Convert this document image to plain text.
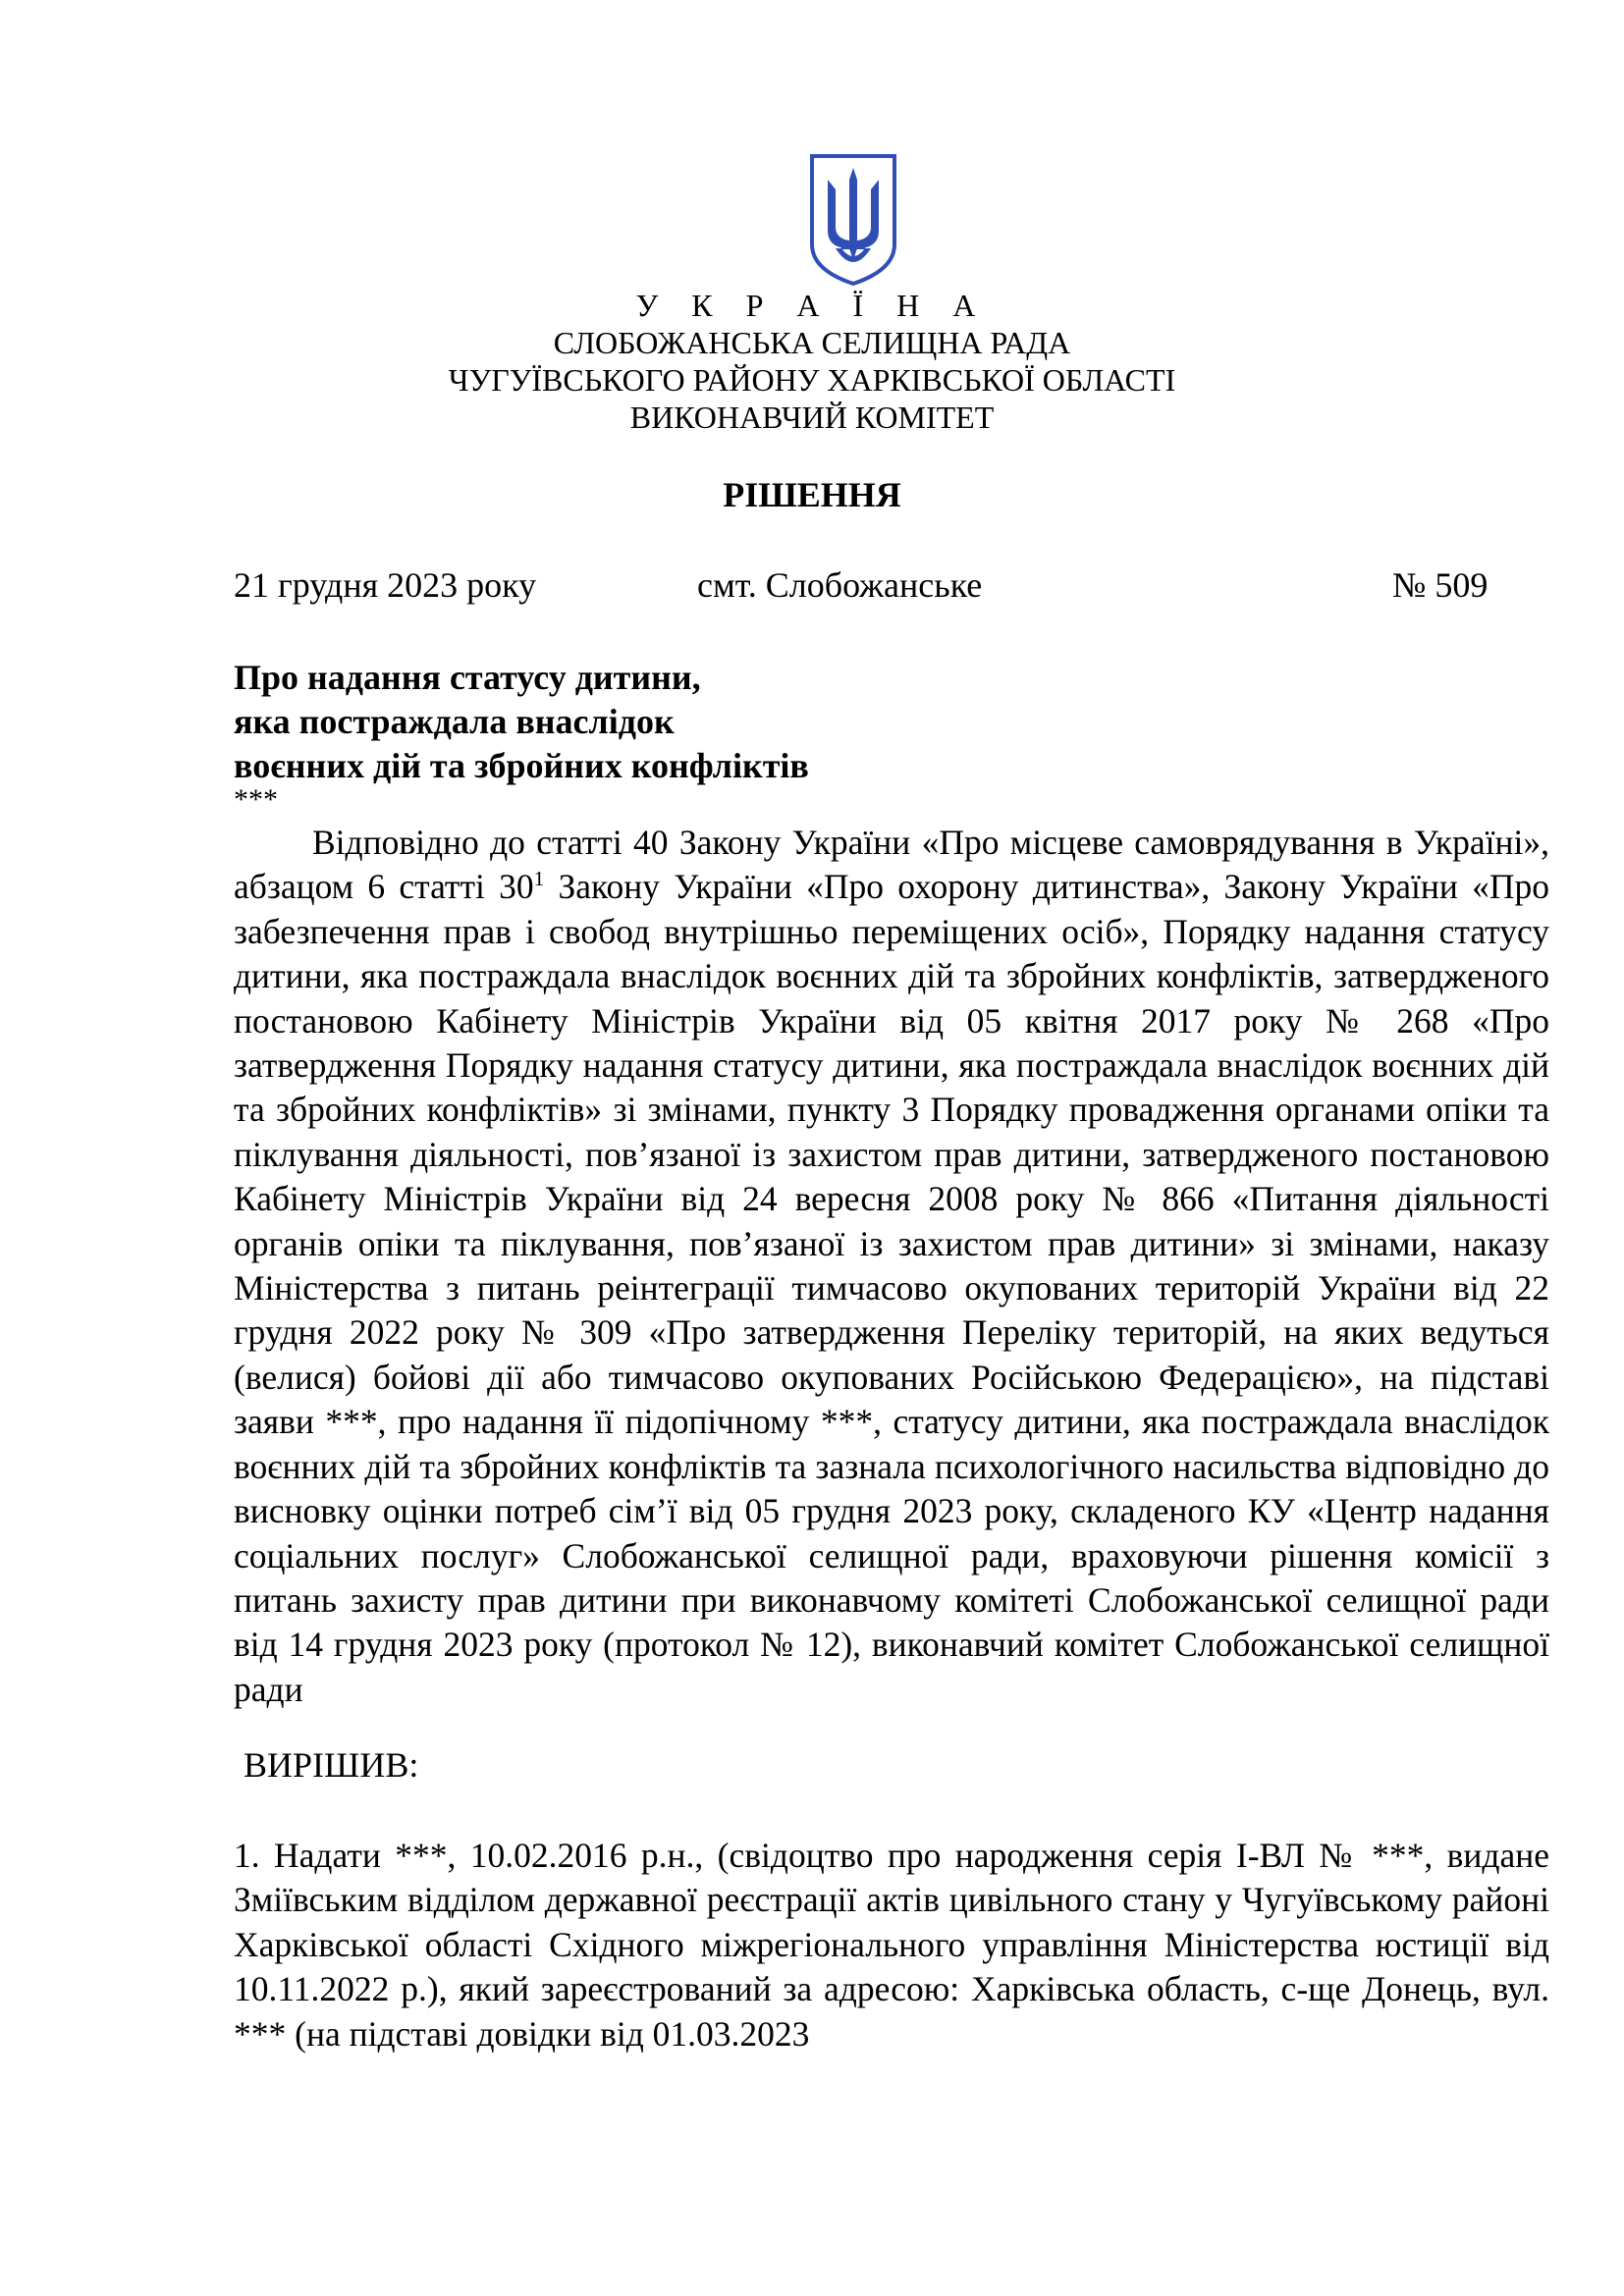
У К Р А Ї Н А
СЛОБОЖАНСЬКА СЕЛИЩНА РАДА
ЧУГУЇВСЬКОГО РАЙОНУ ХАРКІВСЬКОЇ ОБЛАСТІ
ВИКОНАВЧИЙ КОМІТЕТ
РІШЕННЯ
21 грудня 2023 року	смт. Слобожанське	№ 509
Про надання статусу дитини,
яка постраждала внаслідок
воєнних дій та збройних конфліктів
***
Відповідно до статті 40 Закону України «Про місцеве самоврядування в Україні», абзацом 6 статті $30^1$ Закону України «Про охорону дитинства», Закону України «Про забезпечення прав і свобод внутрішньо переміщених осіб», Порядку надання статусу дитини, яка постраждала внаслідок воєнних дій та збройних конфліктів, затвердженого постановою Кабінету Міністрів України від 05 квітня 2017 року № 268 «Про затвердження Порядку надання статусу дитини, яка постраждала внаслідок воєнних дій та збройних конфліктів» зі змінами, пункту 3 Порядку провадження органами опіки та піклування діяльності, пов’язаної із захистом прав дитини, затвердженого постановою Кабінету Міністрів України від 24 вересня 2008 року № 866 «Питання діяльності органів опіки та піклування, пов’язаної із захистом прав дитини» зі змінами, наказу Міністерства з питань реінтеграції тимчасово окупованих територій України від 22 грудня 2022 року № 309 «Про затвердження Переліку територій, на яких ведуться (велися) бойові дії або тимчасово окупованих Російською Федерацією», на підставі заяви ***, про надання її підопічному ***, статусу дитини, яка постраждала внаслідок воєнних дій та збройних конфліктів та зазнала психологічного насильства відповідно до висновку оцінки потреб сім’ї від 05 грудня 2023 року, складеного КУ «Центр надання соціальних послуг» Слобожанської селищної ради, враховуючи рішення комісії з питань захисту прав дитини при виконавчому комітеті Слобожанської селищної ради від 14 грудня 2023 року (протокол № 12), виконавчий комітет Слобожанської селищної ради
ВИРІШИВ:
1. Надати ***, 10.02.2016 р.н., (свідоцтво про народження серія І-ВЛ № ***, видане Зміївським відділом державної реєстрації актів цивільного стану у Чугуївському районі Харківської області Східного міжрегіонального управління Міністерства юстиції від 10.11.2022 р.), який зареєстрований за адресою: Харківська область, с-ще Донець, вул. *** (на підставі довідки від 01.03.2023
